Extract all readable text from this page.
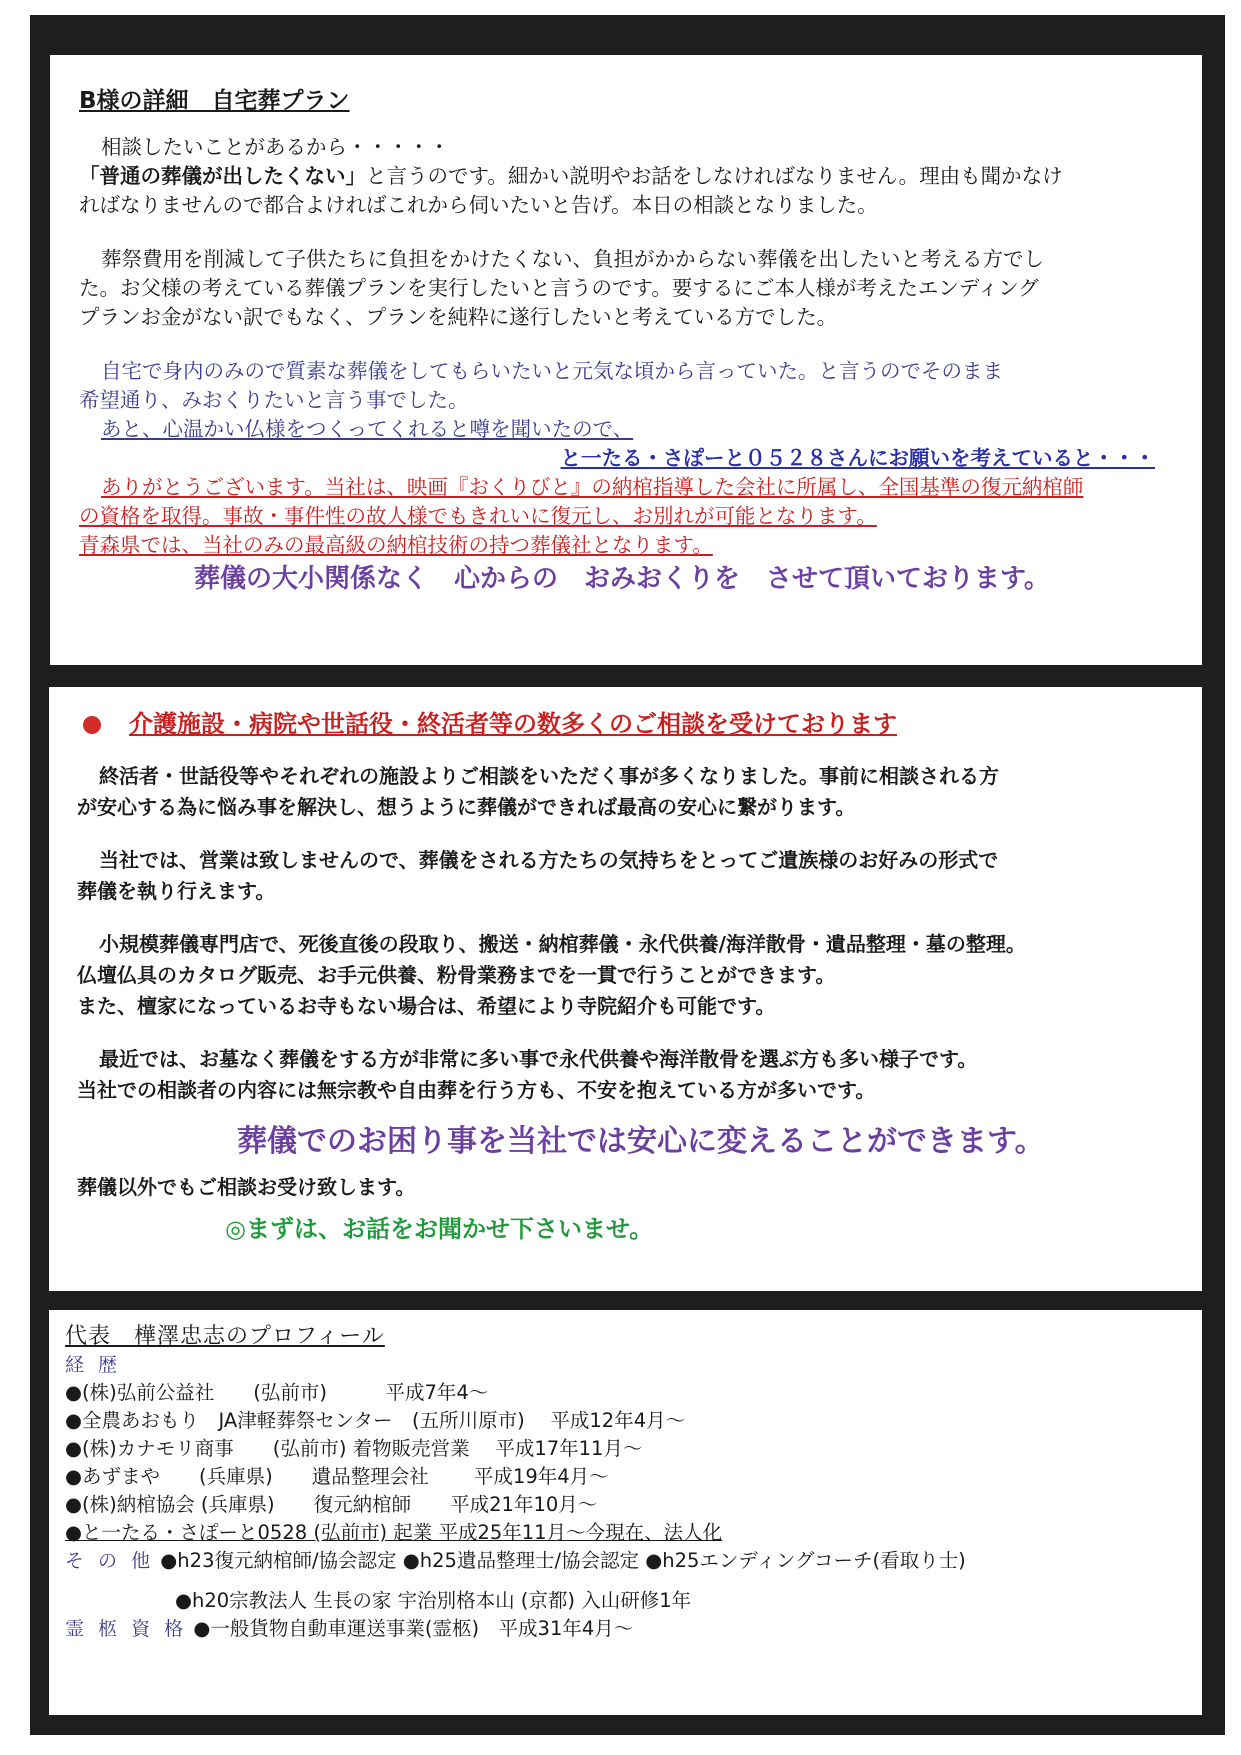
B様の詳細　自宅葬プラン

相談したいことがあるから・・・・・

「普通の葬儀が出したくない」と言うのです。細かい説明やお話をしなければなりません。理由も聞かなけ

ればなりませんので都合よければこれから伺いたいと告げ。本日の相談となりました。

葬祭費用を削減して子供たちに負担をかけたくない、負担がかからない葬儀を出したいと考える方でし

た。お父様の考えている葬儀プランを実行したいと言うのです。要するにご本人様が考えたエンディング

プランお金がない訳でもなく、プランを純粋に遂行したいと考えている方でした。

自宅で身内のみので質素な葬儀をしてもらいたいと元気な頃から言っていた。と言うのでそのまま

希望通り、みおくりたいと言う事でした。

あと、心温かい仏様をつくってくれると噂を聞いたので、

と一たる・さぽーと０５２８さんにお願いを考えていると・・・

ありがとうございます。当社は、映画『おくりびと』の納棺指導した会社に所属し、全国基準の復元納棺師

の資格を取得。事故・事件性の故人様でもきれいに復元し、お別れが可能となります。

青森県では、当社のみの最高級の納棺技術の持つ葬儀社となります。

葬儀の大小関係なく　心からの　おみおくりを　させて頂いております。
介護施設・病院や世話役・終活者等の数多くのご相談を受けております

終活者・世話役等やそれぞれの施設よりご相談をいただく事が多くなりました。事前に相談される方

が安心する為に悩み事を解決し、想うように葬儀ができれば最高の安心に繋がります。

当社では、営業は致しませんので、葬儀をされる方たちの気持ちをとってご遺族様のお好みの形式で

葬儀を執り行えます。

小規模葬儀専門店で、死後直後の段取り、搬送・納棺葬儀・永代供養/海洋散骨・遺品整理・墓の整理。

仏壇仏具のカタログ販売、お手元供養、粉骨業務までを一貫で行うことができます。

また、檀家になっているお寺もない場合は、希望により寺院紹介も可能です。

最近では、お墓なく葬儀をする方が非常に多い事で永代供養や海洋散骨を選ぶ方も多い様子です。

当社での相談者の内容には無宗教や自由葬を行う方も、不安を抱えている方が多いです。

葬儀でのお困り事を当社では安心に変えることができます。

葬儀以外でもご相談お受け致します。

◎まずは、お話をお聞かせ下さいませ。
代表　樺澤忠志のプロフィール
経 歴
●(株)弘前公益社　　(弘前市)　　　平成7年4～
●全農あおもり　JA津軽葬祭センター　(五所川原市)　 平成12年4月～
●(株)カナモリ商事　　(弘前市) 着物販売営業　 平成17年11月～
●あずまや　　(兵庫県)　　遺品整理会社　　 平成19年4月～
●(株)納棺協会 (兵庫県)　　復元納棺師　　平成21年10月～
●と一たる・さぽーと0528 (弘前市) 起業 平成25年11月～今現在、法人化
そ の 他 ●h23復元納棺師/協会認定 ●h25遺品整理士/協会認定 ●h25エンディングコーチ(看取り士)
●h20宗教法人 生長の家 宇治別格本山 (京都) 入山研修1年
霊 柩 資 格 ●一般貨物自動車運送事業(霊柩)　平成31年4月～
